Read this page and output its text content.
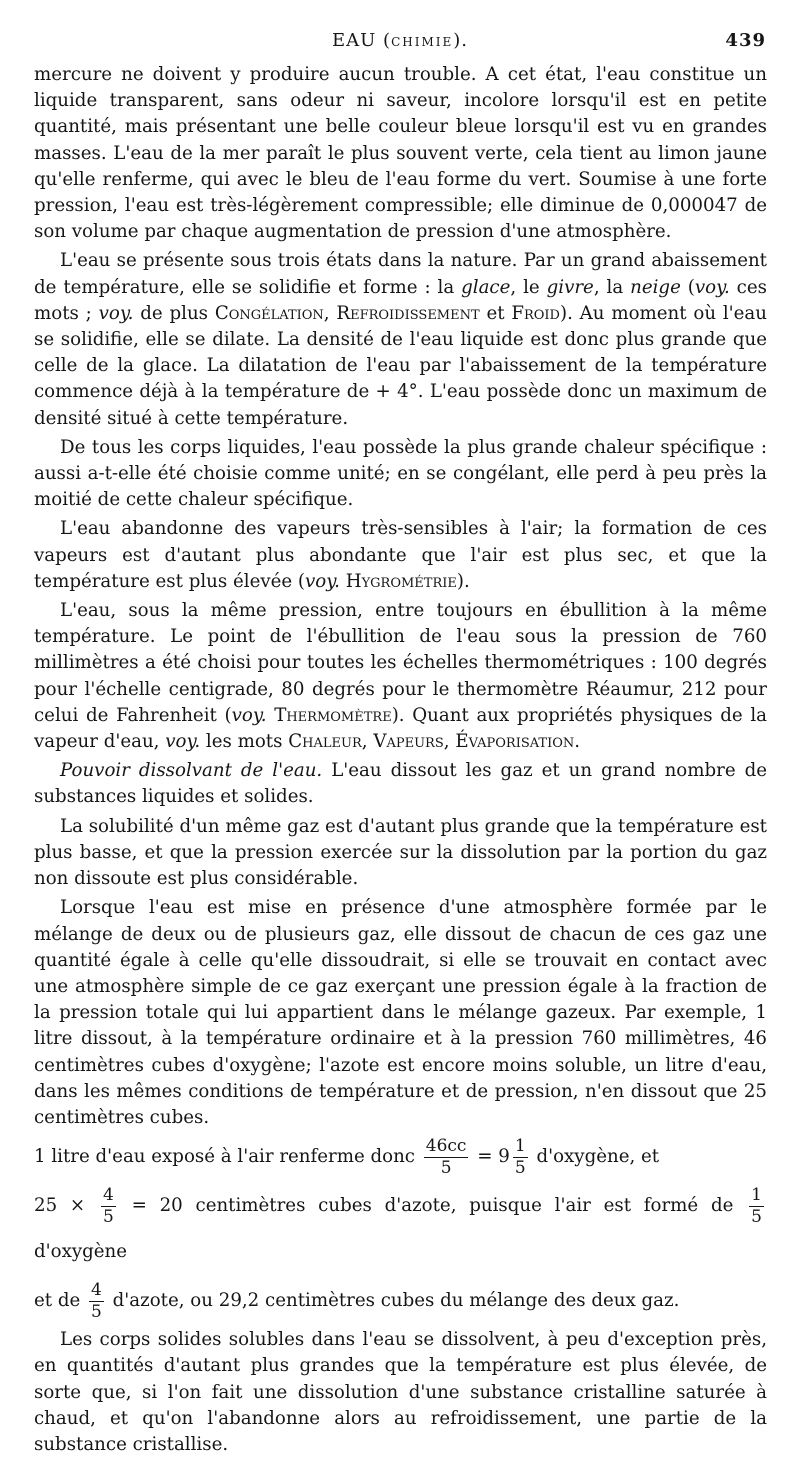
EAU (CHIMIE).	439

mercure ne doivent y produire aucun trouble. A cet état, l'eau constitue un liquide transparent, sans odeur ni saveur, incolore lorsqu'il est en petite quantité, mais présentant une belle couleur bleue lorsqu'il est vu en grandes masses. L'eau de la mer paraît le plus souvent verte, cela tient au limon jaune qu'elle renferme, qui avec le bleu de l'eau forme du vert. Soumise à une forte pression, l'eau est très-légèrement compressible; elle diminue de 0,000047 de son volume par chaque augmentation de pression d'une atmosphère.

L'eau se présente sous trois états dans la nature. Par un grand abaissement de température, elle se solidifie et forme : la glace, le givre, la neige (voy. ces mots ; voy. de plus Congélation, Refroidissement et Froid). Au moment où l'eau se solidifie, elle se dilate. La densité de l'eau liquide est donc plus grande que celle de la glace. La dilatation de l'eau par l'abaissement de la température commence déjà à la température de + 4°. L'eau possède donc un maximum de densité situé à cette température.

De tous les corps liquides, l'eau possède la plus grande chaleur spécifique : aussi a-t-elle été choisie comme unité; en se congélant, elle perd à peu près la moitié de cette chaleur spécifique.

L'eau abandonne des vapeurs très-sensibles à l'air; la formation de ces vapeurs est d'autant plus abondante que l'air est plus sec, et que la température est plus élevée (voy. Hygrométrie).

L'eau, sous la même pression, entre toujours en ébullition à la même température. Le point de l'ébullition de l'eau sous la pression de 760 millimètres a été choisi pour toutes les échelles thermométriques : 100 degrés pour l'échelle centigrade, 80 degrés pour le thermomètre Réaumur, 212 pour celui de Fahrenheit (voy. Thermomètre). Quant aux propriétés physiques de la vapeur d'eau, voy. les mots Chaleur, Vapeurs, Évaporisation.

Pouvoir dissolvant de l'eau. L'eau dissout les gaz et un grand nombre de substances liquides et solides.

La solubilité d'un même gaz est d'autant plus grande que la température est plus basse, et que la pression exercée sur la dissolution par la portion du gaz non dissoute est plus considérable.

Lorsque l'eau est mise en présence d'une atmosphère formée par le mélange de deux ou de plusieurs gaz, elle dissout de chacun de ces gaz une quantité égale à celle qu'elle dissoudrait, si elle se trouvait en contact avec une atmosphère simple de ce gaz exerçant une pression égale à la fraction de la pression totale qui lui appartient dans le mélange gazeux. Par exemple, 1 litre dissout, à la température ordinaire et à la pression 760 millimètres, 46 centimètres cubes d'oxygène; l'azote est encore moins soluble, un litre d'eau, dans les mêmes conditions de température et de pression, n'en dissout que 25 centimètres cubes.

1 litre d'eau exposé à l'air renferme donc $\frac{46cc}{5} = 9 \frac{1}{5}$ d'oxygène, et

$25 \times \frac{4}{5} = 20$ centimètres cubes d'azote, puisque l'air est formé de $\frac{1}{5}$
d'oxygène

et de $\frac{4}{5}$ d'azote, ou 29,2 centimètres cubes du mélange des deux gaz.

Les corps solides solubles dans l'eau se dissolvent, à peu d'exception près, en quantités d'autant plus grandes que la température est plus élevée, de sorte que, si l'on fait une dissolution d'une substance cristalline saturée à chaud, et qu'on l'abandonne alors au refroidissement, une partie de la substance cristallise.
